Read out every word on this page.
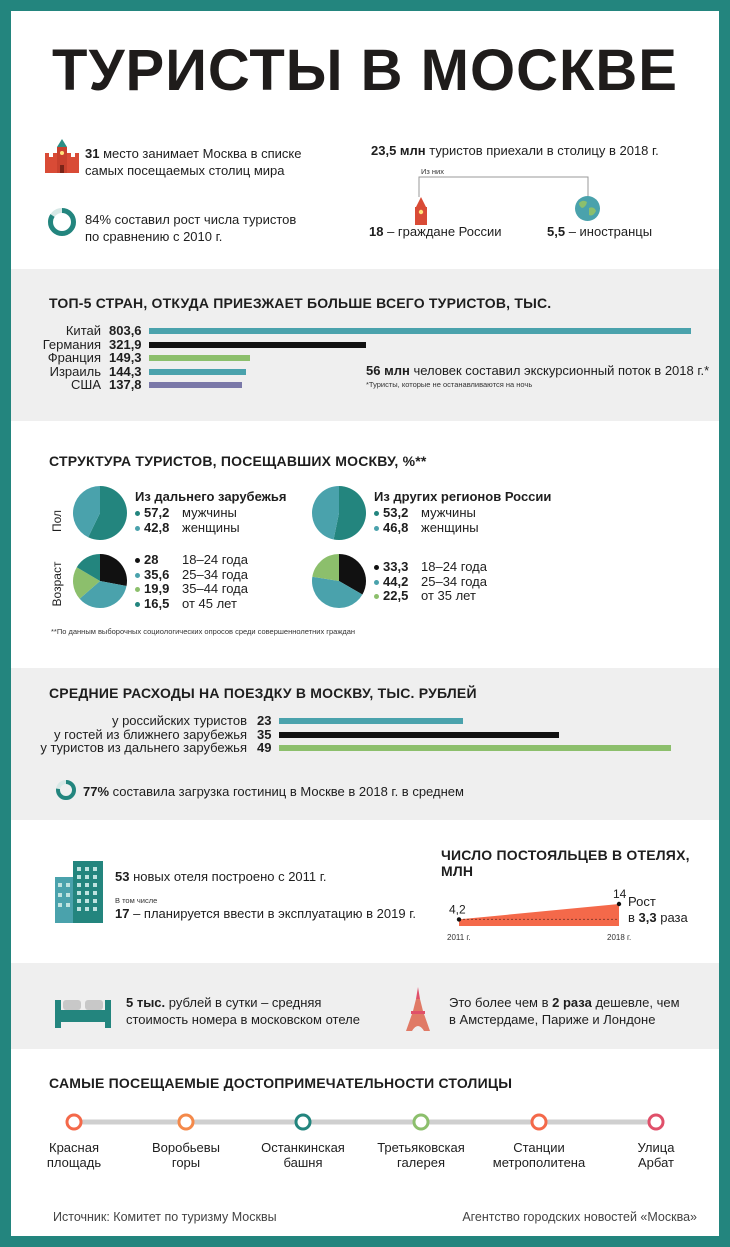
ТУРИСТЫ В МОСКВЕ
31 место занимает Москва в списке самых посещаемых столиц мира
84% составил рост числа туристов по сравнению с 2010 г.
23,5 млн туристов приехали в столицу в 2018 г.
Из них
18 – граждане России	5,5 – иностранцы
ТОП-5 СТРАН, ОТКУДА ПРИЕЗЖАЕТ БОЛЬШЕ ВСЕГО ТУРИСТОВ, ТЫС.
56 млн человек составил экскурсионный поток в 2018 г.*
*Туристы, которые не останавливаются на ночь
СТРУКТУРА ТУРИСТОВ, ПОСЕЩАВШИХ МОСКВУ, %**
Пол
Возраст
Из дальнего зарубежья	Из других регионов России
57,2 мужчины
42,8 женщины
53,2 мужчины
46,8 женщины
28 18–24 года
35,6 25–34 года
19,9 35–44 года
16,5 от 45 лет
33,3 18–24 года
44,2 25–34 года
22,5 от 35 лет
**По данным выборочных социологических опросов среди совершеннолетних граждан
СРЕДНИЕ РАСХОДЫ НА ПОЕЗДКУ В МОСКВУ, ТЫС. РУБЛЕЙ
77% составила загрузка гостиниц в Москве в 2018 г. в среднем
53 новых отеля построено с 2011 г.
В том числе
17 – планируется ввести в эксплуатацию в 2019 г.
ЧИСЛО ПОСТОЯЛЬЦЕВ В ОТЕЛЯХ, МЛН
4,2
14
2011 г.	2018 г.
Рост
в 3,3 раза
5 тыс. рублей в сутки – средняя стоимость номера в московском отеле
Это более чем в 2 раза дешевле, чем в Амстердаме, Париже и Лондоне
САМЫЕ ПОСЕЩАЕМЫЕ ДОСТОПРИМЕЧАТЕЛЬНОСТИ СТОЛИЦЫ
Источник: Комитет по туризму Москвы	Агентство городских новостей «Москва»
Китай 803,6
Германия 321,9
Франция 149,3
Израиль 144,3
США 137,8
у российских туристов 23
у гостей из ближнего зарубежья 35
у туристов из дальнего зарубежья 49
Красная
площадь
Воробьевы
горы
Останкинская
башня
Третьяковская
галерея
Станции
метрополитена
Улица
Арбат
